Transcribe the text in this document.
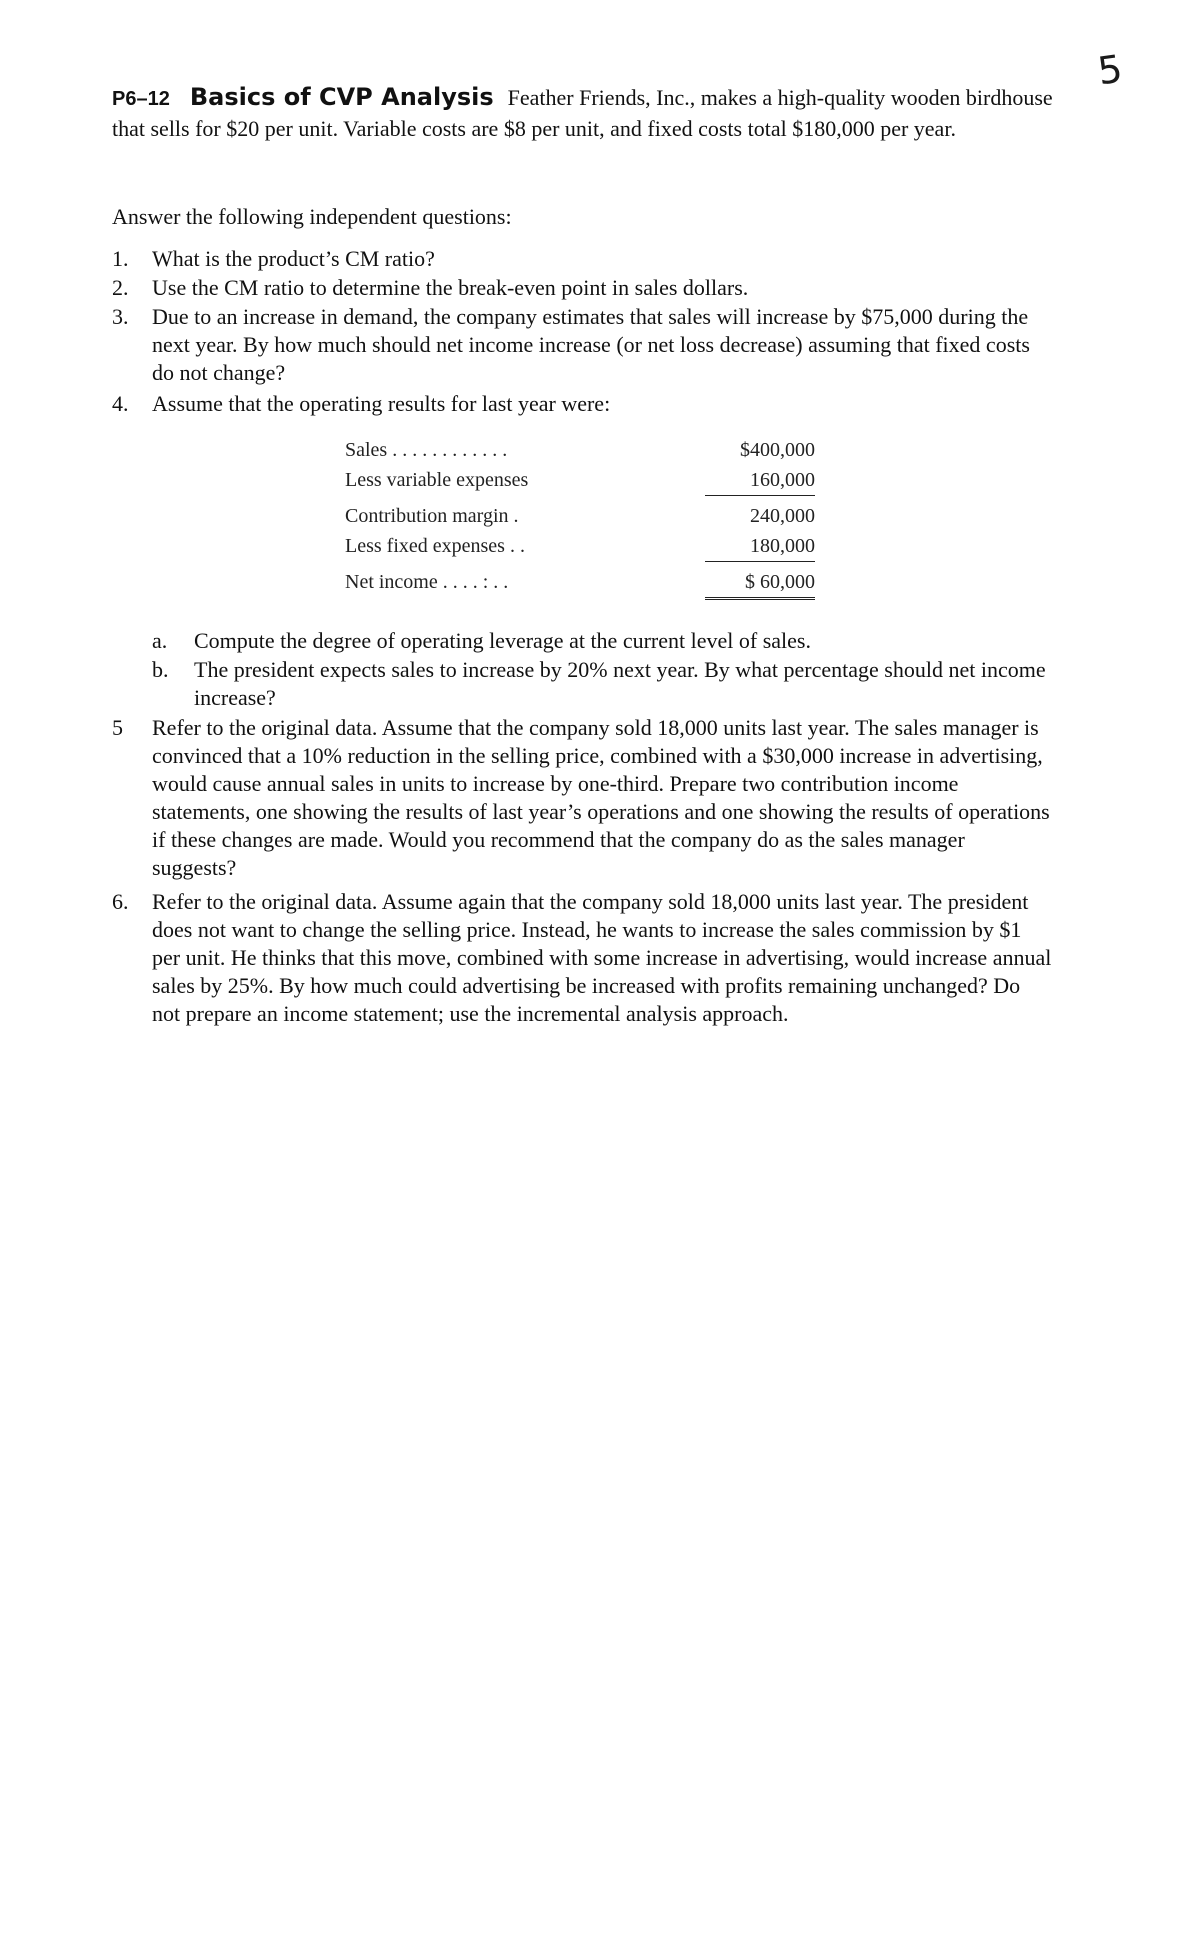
5
P6–12 Basics of CVP Analysis Feather Friends, Inc., makes a high-quality wooden birdhouse that sells for $20 per unit. Variable costs are $8 per unit, and fixed costs total $180,000 per year.
Answer the following independent questions:
1.	What is the product’s CM ratio?
2.	Use the CM ratio to determine the break-even point in sales dollars.
3.	Due to an increase in demand, the company estimates that sales will increase by $75,000 during the next year. By how much should net income increase (or net loss decrease) assuming that fixed costs do not change?
4.	Assume that the operating results for last year were:
Sales . . . . . . . . . . . .	$400,000
Less variable expenses	160,000
Contribution margin .	240,000
Less fixed expenses . .	180,000
Net income . . . . : . .	$ 60,000
a. Compute the degree of operating leverage at the current level of sales.
b. The president expects sales to increase by 20% next year. By what percentage should net income increase?
5	Refer to the original data. Assume that the company sold 18,000 units last year. The sales manager is convinced that a 10% reduction in the selling price, combined with a $30,000 increase in advertising, would cause annual sales in units to increase by one-third. Prepare two contribution income statements, one showing the results of last year’s operations and one showing the results of operations if these changes are made. Would you recommend that the company do as the sales manager suggests?
6.	Refer to the original data. Assume again that the company sold 18,000 units last year. The president does not want to change the selling price. Instead, he wants to increase the sales commission by $1 per unit. He thinks that this move, combined with some increase in advertising, would increase annual sales by 25%. By how much could advertising be increased with profits remaining unchanged? Do not prepare an income statement; use the incremental analysis approach.
